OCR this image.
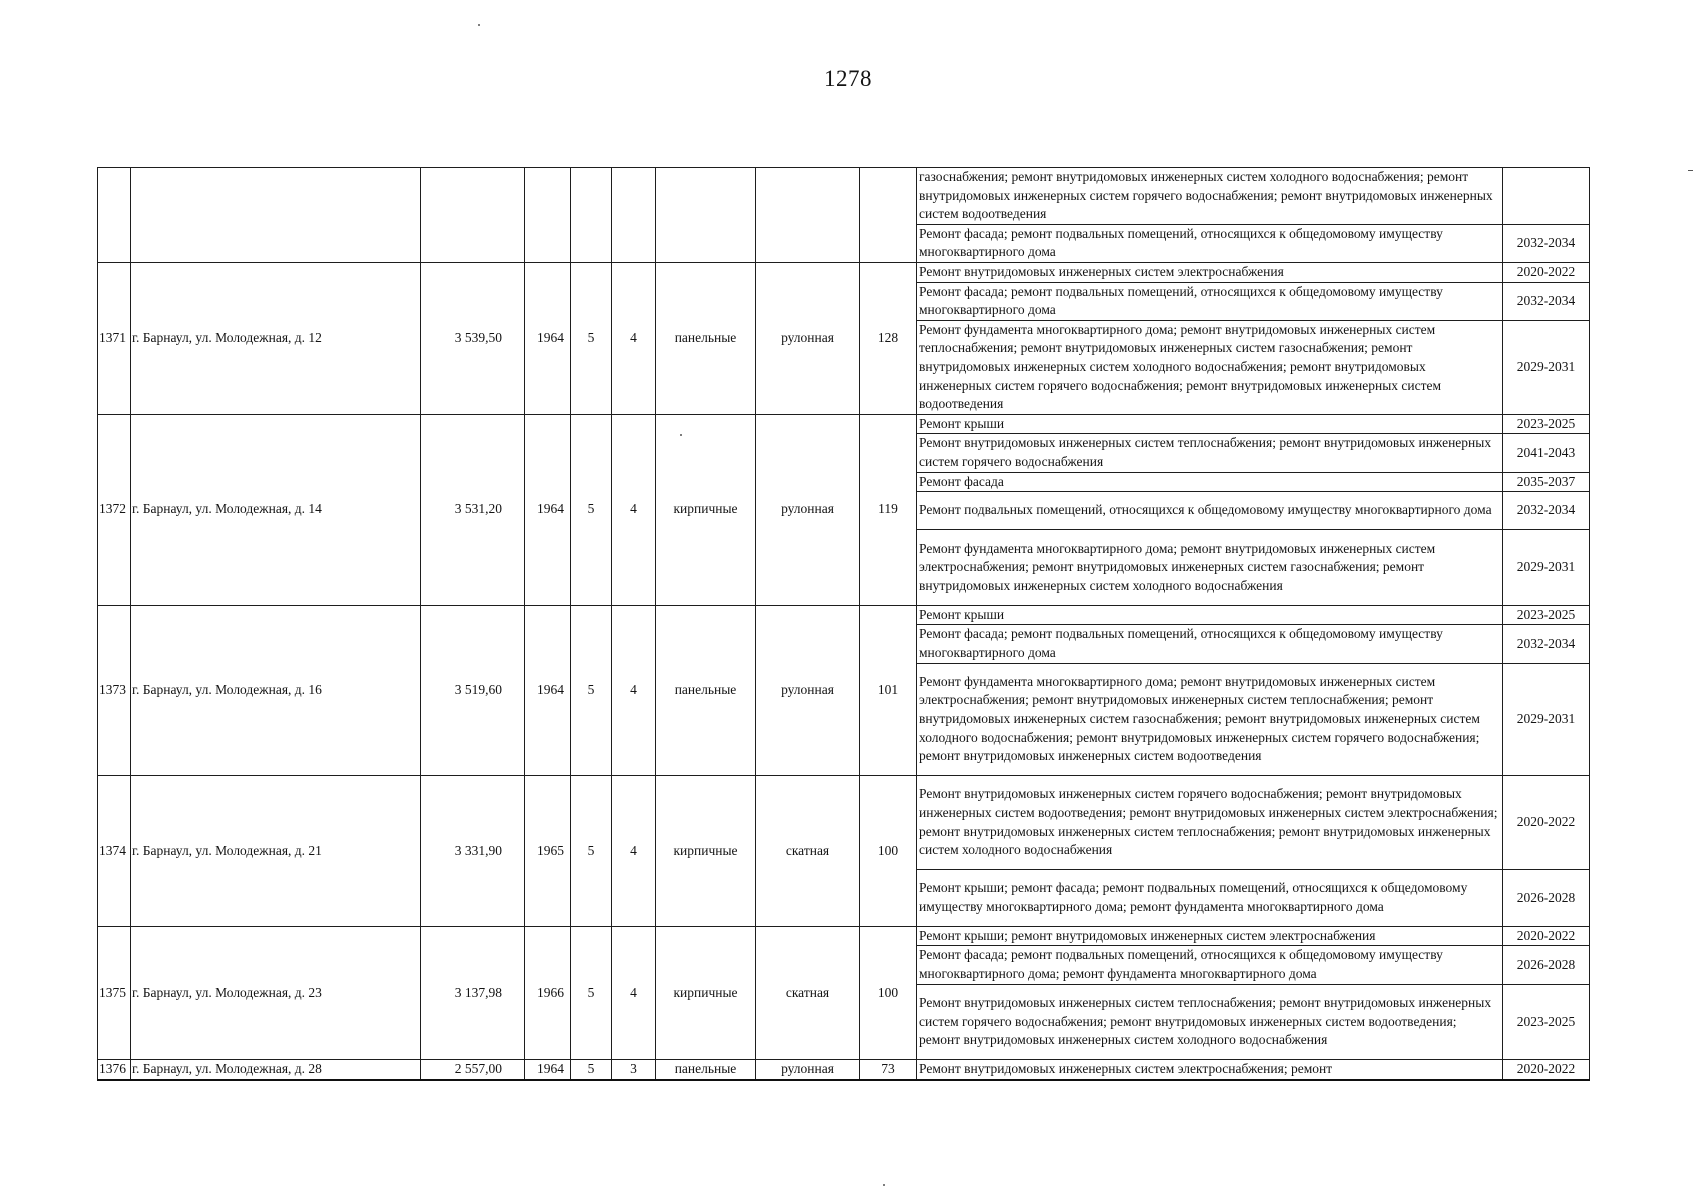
1278
									газоснабжения; ремонт внутридомовых инженерных систем холодного водоснабжения; ремонт внутридомовых инженерных систем горячего водоснабжения; ремонт внутридомовых инженерных систем водоотведения	
									Ремонт фасада; ремонт подвальных помещений, относящихся к общедомовому имуществу многоквартирного дома	2032-2034
1371	г. Барнаул, ул. Молодежная, д. 12	3 539,50	1964	5	4	панельные	рулонная	128	Ремонт внутридомовых инженерных систем электроснабжения	2020-2022
									Ремонт фасада; ремонт подвальных помещений, относящихся к общедомовому имуществу многоквартирного дома	2032-2034
									Ремонт фундамента многоквартирного дома; ремонт внутридомовых инженерных систем теплоснабжения; ремонт внутридомовых инженерных систем газоснабжения; ремонт внутридомовых инженерных систем холодного водоснабжения; ремонт внутридомовых инженерных систем горячего водоснабжения; ремонт внутридомовых инженерных систем водоотведения	2029-2031
1372	г. Барнаул, ул. Молодежная, д. 14	3 531,20	1964	5	4	кирпичные	рулонная	119	Ремонт крыши	2023-2025
									Ремонт внутридомовых инженерных систем теплоснабжения; ремонт внутридомовых инженерных систем горячего водоснабжения	2041-2043
									Ремонт фасада	2035-2037
									Ремонт подвальных помещений, относящихся к общедомовому имуществу многоквартирного дома	2032-2034
									Ремонт фундамента многоквартирного дома; ремонт внутридомовых инженерных систем электроснабжения; ремонт внутридомовых инженерных систем газоснабжения; ремонт внутридомовых инженерных систем холодного водоснабжения	2029-2031
1373	г. Барнаул, ул. Молодежная, д. 16	3 519,60	1964	5	4	панельные	рулонная	101	Ремонт крыши	2023-2025
									Ремонт фасада; ремонт подвальных помещений, относящихся к общедомовому имуществу многоквартирного дома	2032-2034
									Ремонт фундамента многоквартирного дома; ремонт внутридомовых инженерных систем электроснабжения; ремонт внутридомовых инженерных систем теплоснабжения; ремонт внутридомовых инженерных систем газоснабжения; ремонт внутридомовых инженерных систем холодного водоснабжения; ремонт внутридомовых инженерных систем горячего водоснабжения; ремонт внутридомовых инженерных систем водоотведения	2029-2031
1374	г. Барнаул, ул. Молодежная, д. 21	3 331,90	1965	5	4	кирпичные	скатная	100	Ремонт внутридомовых инженерных систем горячего водоснабжения; ремонт внутридомовых инженерных систем водоотведения; ремонт внутридомовых инженерных систем электроснабжения; ремонт внутридомовых инженерных систем теплоснабжения; ремонт внутридомовых инженерных систем холодного водоснабжения	2020-2022
									Ремонт крыши; ремонт фасада; ремонт подвальных помещений, относящихся к общедомовому имуществу многоквартирного дома; ремонт фундамента многоквартирного дома	2026-2028
1375	г. Барнаул, ул. Молодежная, д. 23	3 137,98	1966	5	4	кирпичные	скатная	100	Ремонт крыши; ремонт внутридомовых инженерных систем электроснабжения	2020-2022
									Ремонт фасада; ремонт подвальных помещений, относящихся к общедомовому имуществу многоквартирного дома; ремонт фундамента многоквартирного дома	2026-2028
									Ремонт внутридомовых инженерных систем теплоснабжения; ремонт внутридомовых инженерных систем горячего водоснабжения; ремонт внутридомовых инженерных систем водоотведения; ремонт внутридомовых инженерных систем холодного водоснабжения	2023-2025
1376	г. Барнаул, ул. Молодежная, д. 28	2 557,00	1964	5	3	панельные	рулонная	73	Ремонт внутридомовых инженерных систем электроснабжения; ремонт	2020-2022
